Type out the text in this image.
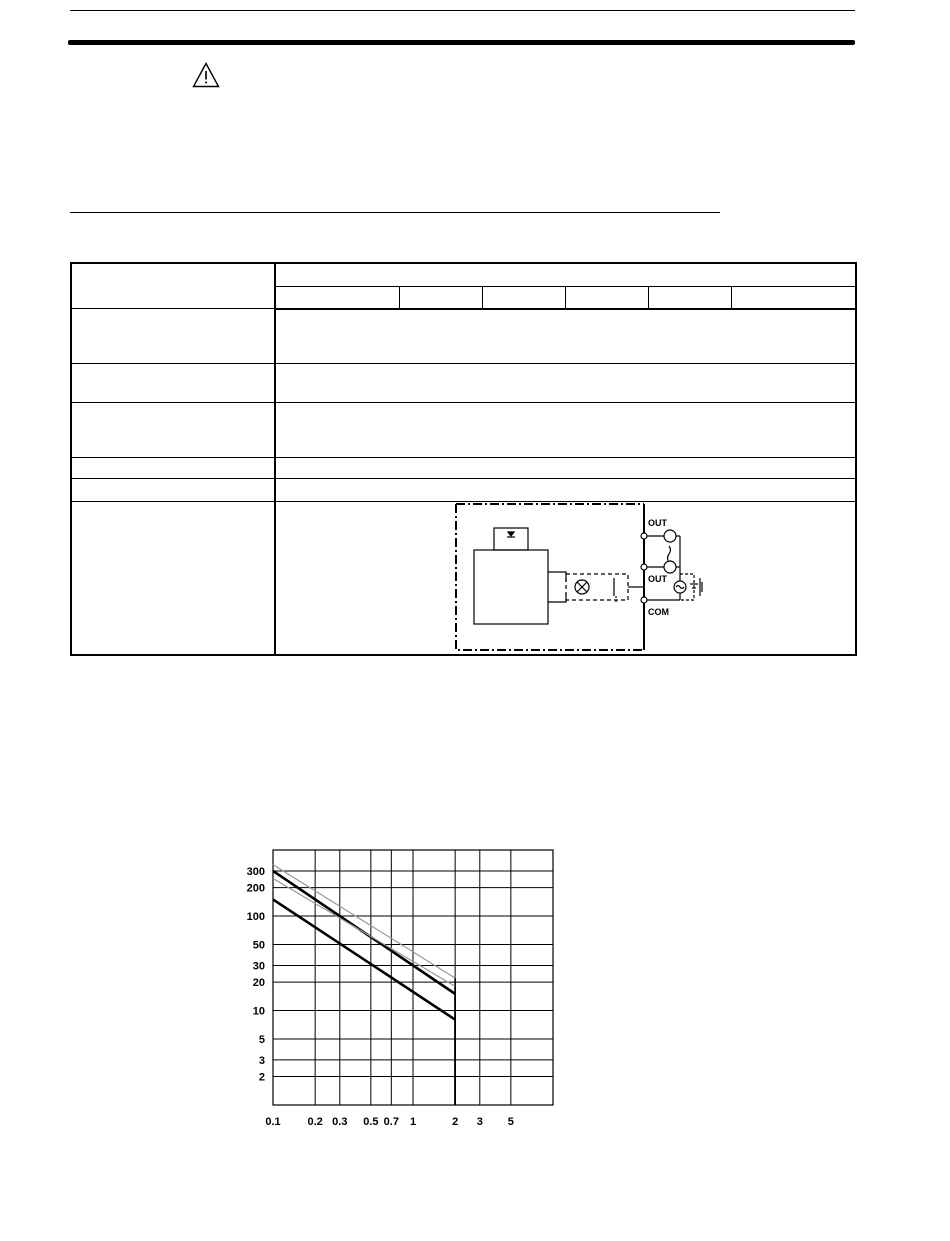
OUT
OUT
COM					
0.1 0.2 0.3 0.5 0.7 1	2 3 5
300
200
100
50
30
20
10
5
3
2
